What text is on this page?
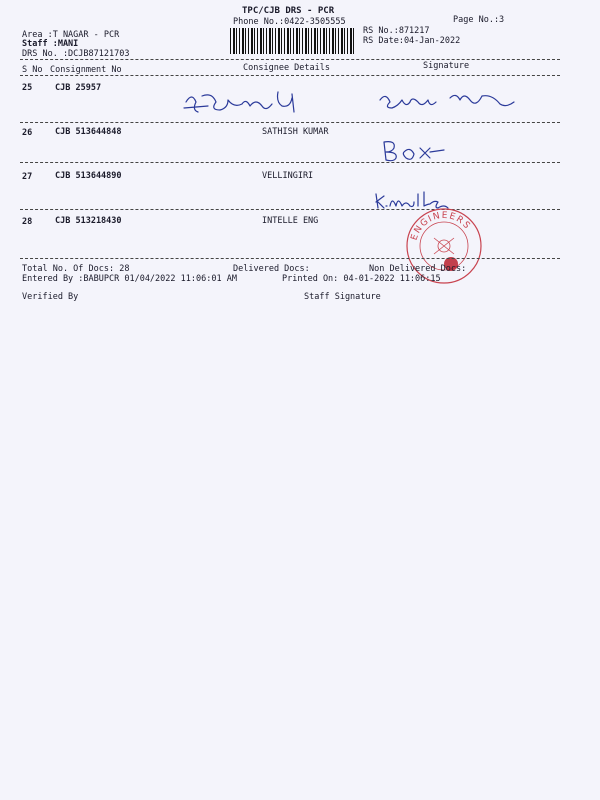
TPC/CJB DRS - PCR
Phone No.:0422-3505555	Page No.:3
Area :T NAGAR - PCR
Staff :MANI
DRS No. :DCJB87121703
RS No.:871217
RS Date:04-Jan-2022
S No Consignment No	Consignee Details	Signature
25	CJB 25957
26	CJB 513644848	SATHISH KUMAR
27	CJB 513644890	VELLINGIRI
28	CJB 513218430	INTELLE ENG
ENGINEERS
Total No. Of Docs: 28	Delivered Docs:	Non Delivered Docs:
Entered By :BABUPCR 01/04/2022 11:06:01 AM	Printed On: 04-01-2022 11:06:15
Verified By	Staff Signature
